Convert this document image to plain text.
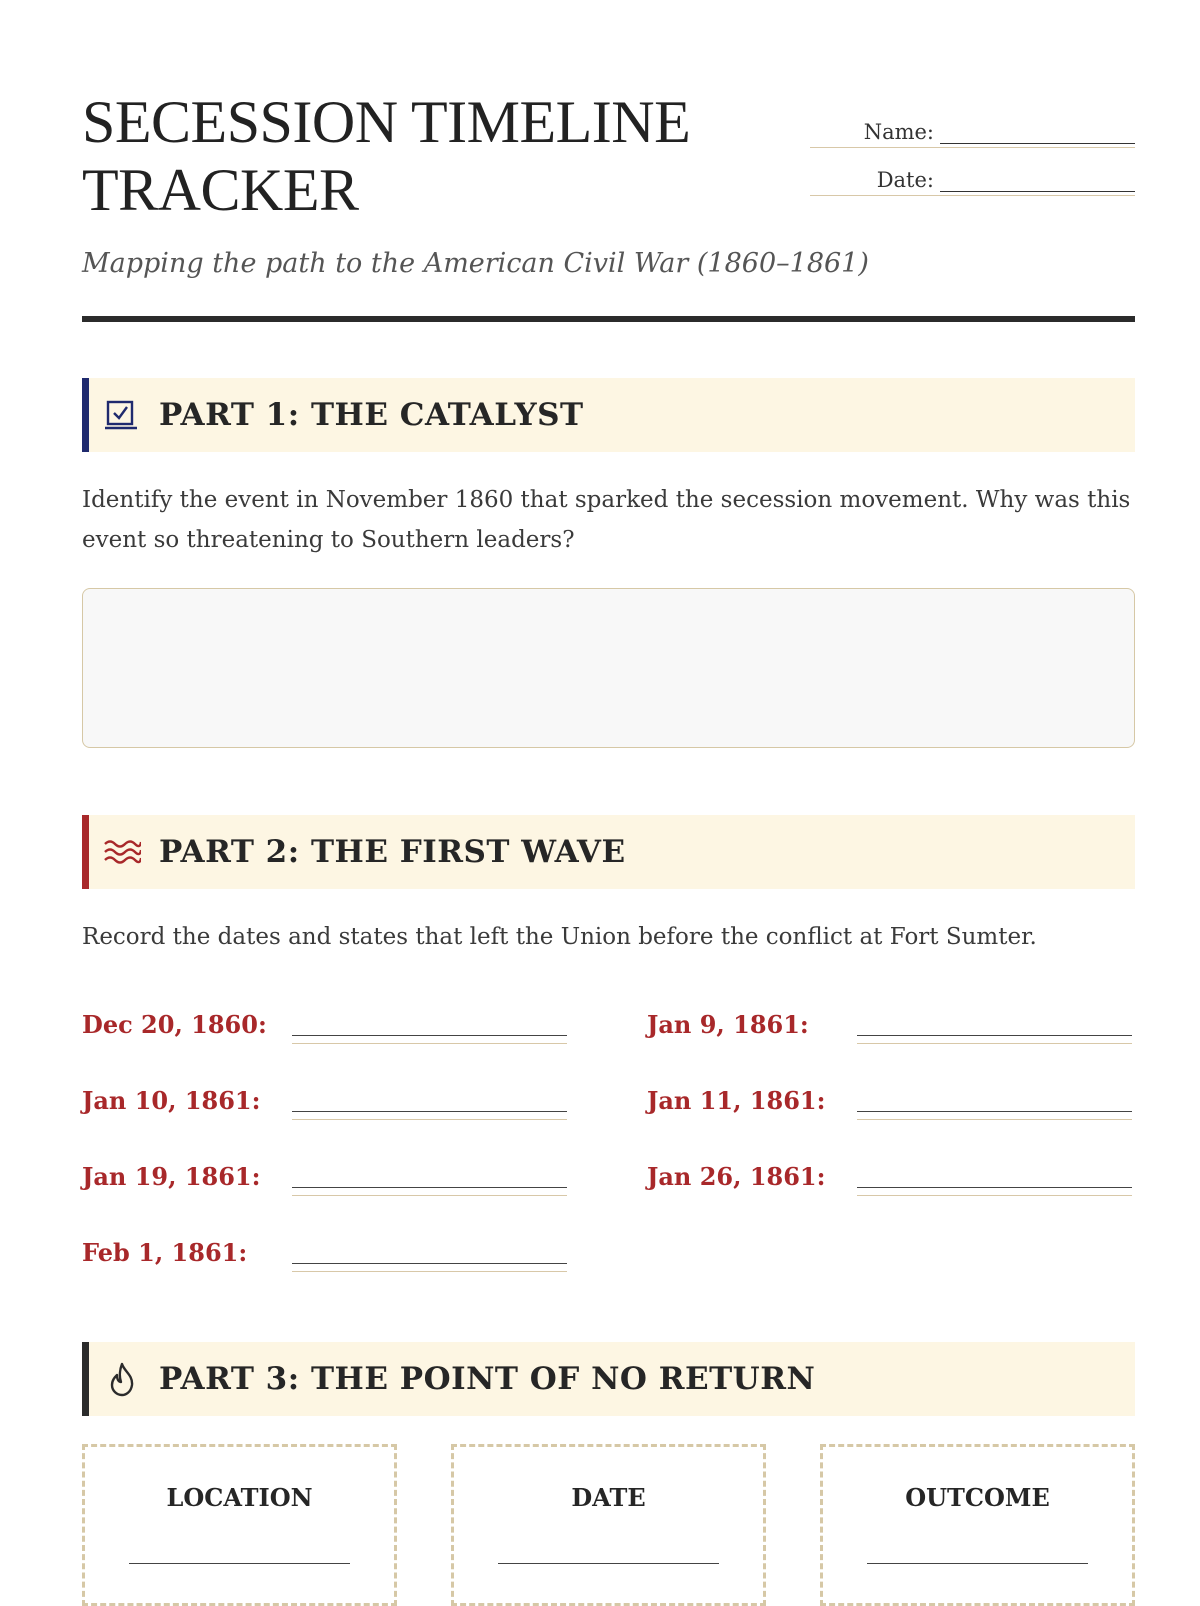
SECESSION TIMELINE
TRACKER
Name:
Date:
Mapping the path to the American Civil War (1860–1861)
PART 1: THE CATALYST
Identify the event in November 1860 that sparked the secession movement. Why was this event so threatening to Southern leaders?
PART 2: THE FIRST WAVE
Record the dates and states that left the Union before the conflict at Fort Sumter.
Dec 20, 1860:	Jan 9, 1861:
Jan 10, 1861:	Jan 11, 1861:
Jan 19, 1861:	Jan 26, 1861:
Feb 1, 1861:
PART 3: THE POINT OF NO RETURN
LOCATION	DATE	OUTCOME
